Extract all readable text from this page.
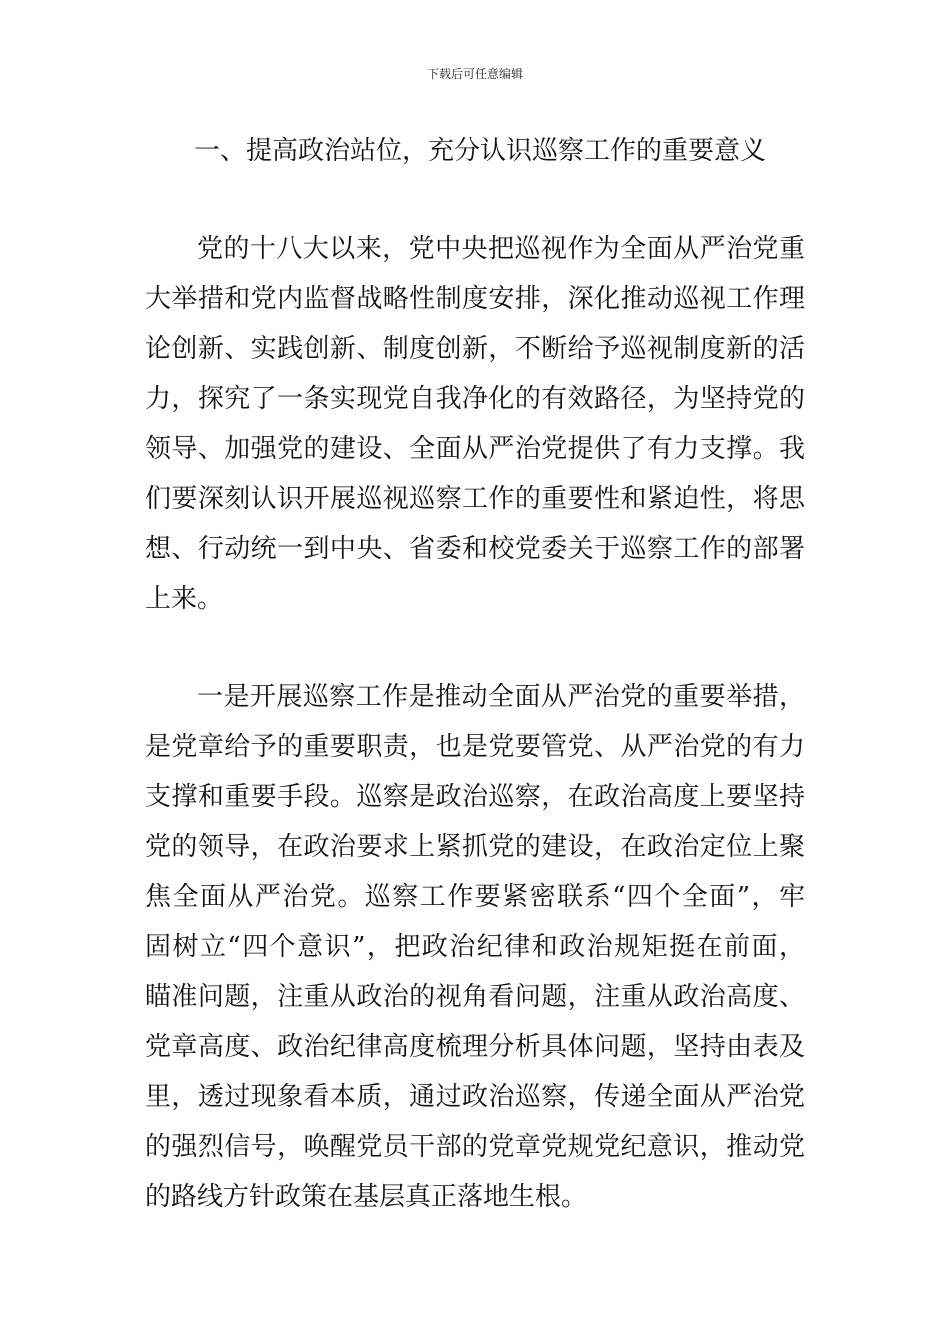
下载后可任意编辑
一、提高政治站位，充分认识巡察工作的重要意义
党的十八大以来，党中央把巡视作为全面从严治党重
大举措和党内监督战略性制度安排，深化推动巡视工作理
论创新、实践创新、制度创新，不断给予巡视制度新的活
力，探究了一条实现党自我净化的有效路径，为坚持党的
领导、加强党的建设、全面从严治党提供了有力支撑。我
们要深刻认识开展巡视巡察工作的重要性和紧迫性，将思
想、行动统一到中央、省委和校党委关于巡察工作的部署
上来。
一是开展巡察工作是推动全面从严治党的重要举措，
是党章给予的重要职责，也是党要管党、从严治党的有力
支撑和重要手段。巡察是政治巡察，在政治高度上要坚持
党的领导，在政治要求上紧抓党的建设，在政治定位上聚
焦全面从严治党。巡察工作要紧密联系“四个全面”，牢
固树立“四个意识”，把政治纪律和政治规矩挺在前面，
瞄准问题，注重从政治的视角看问题，注重从政治高度、
党章高度、政治纪律高度梳理分析具体问题，坚持由表及
里，透过现象看本质，通过政治巡察，传递全面从严治党
的强烈信号，唤醒党员干部的党章党规党纪意识，推动党
的路线方针政策在基层真正落地生根。
